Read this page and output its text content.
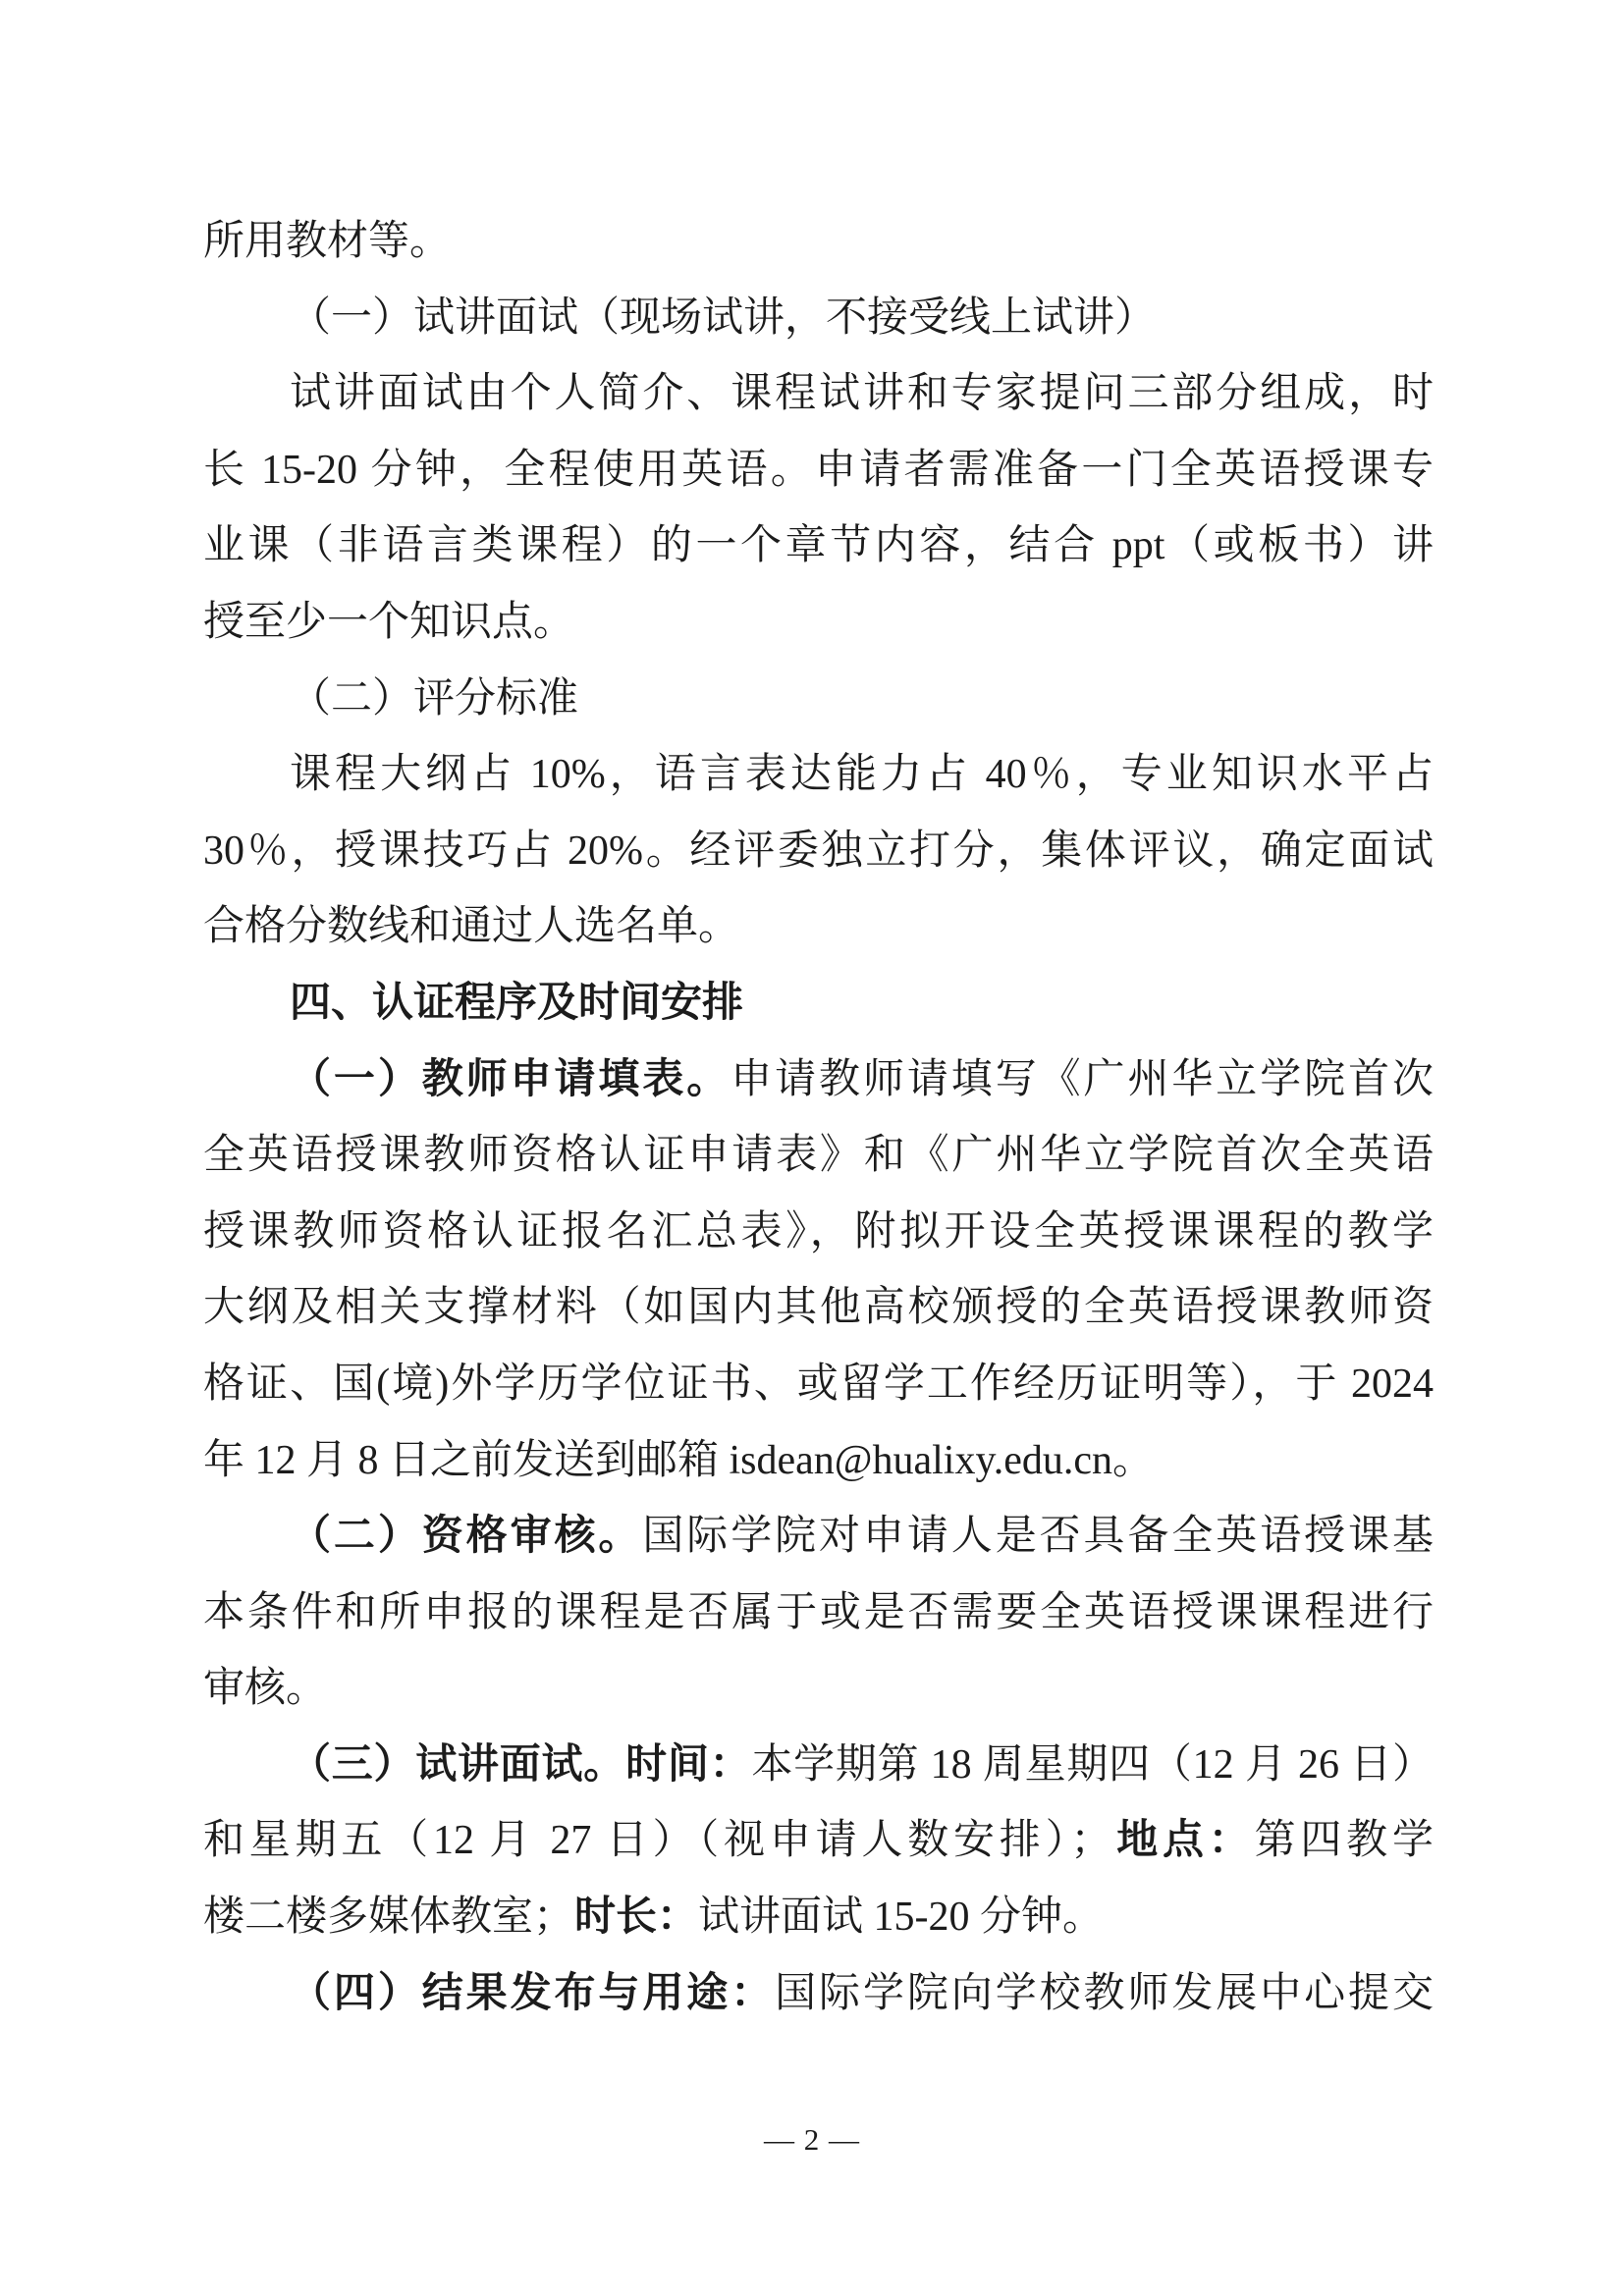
所用教材等。
（一）试讲面试（现场试讲，不接受线上试讲）
试讲面试由个人简介、课程试讲和专家提问三部分组成，时
长 15-20 分钟，全程使用英语。申请者需准备一门全英语授课专
业课（非语言类课程）的一个章节内容，结合 ppt（或板书）讲
授至少一个知识点。
（二）评分标准
课程大纲占 10%，语言表达能力占 40％，专业知识水平占
30％，授课技巧占 20%。经评委独立打分，集体评议，确定面试
合格分数线和通过人选名单。
四、认证程序及时间安排
（一）教师申请填表。申请教师请填写《广州华立学院首次
全英语授课教师资格认证申请表》和《广州华立学院首次全英语
授课教师资格认证报名汇总表》，附拟开设全英授课课程的教学
大纲及相关支撑材料（如国内其他高校颁授的全英语授课教师资
格证、国(境)外学历学位证书、或留学工作经历证明等），于 2024
年 12 月 8 日之前发送到邮箱 isdean@hualixy.edu.cn。
（二）资格审核。国际学院对申请人是否具备全英语授课基
本条件和所申报的课程是否属于或是否需要全英语授课课程进行
审核。
（三）试讲面试。时间：本学期第 18 周星期四（12 月 26 日）
和星期五（12 月 27 日）（视申请人数安排）；地点：第四教学
楼二楼多媒体教室；时长：试讲面试 15-20 分钟。
（四）结果发布与用途：国际学院向学校教师发展中心提交
— 2 —
